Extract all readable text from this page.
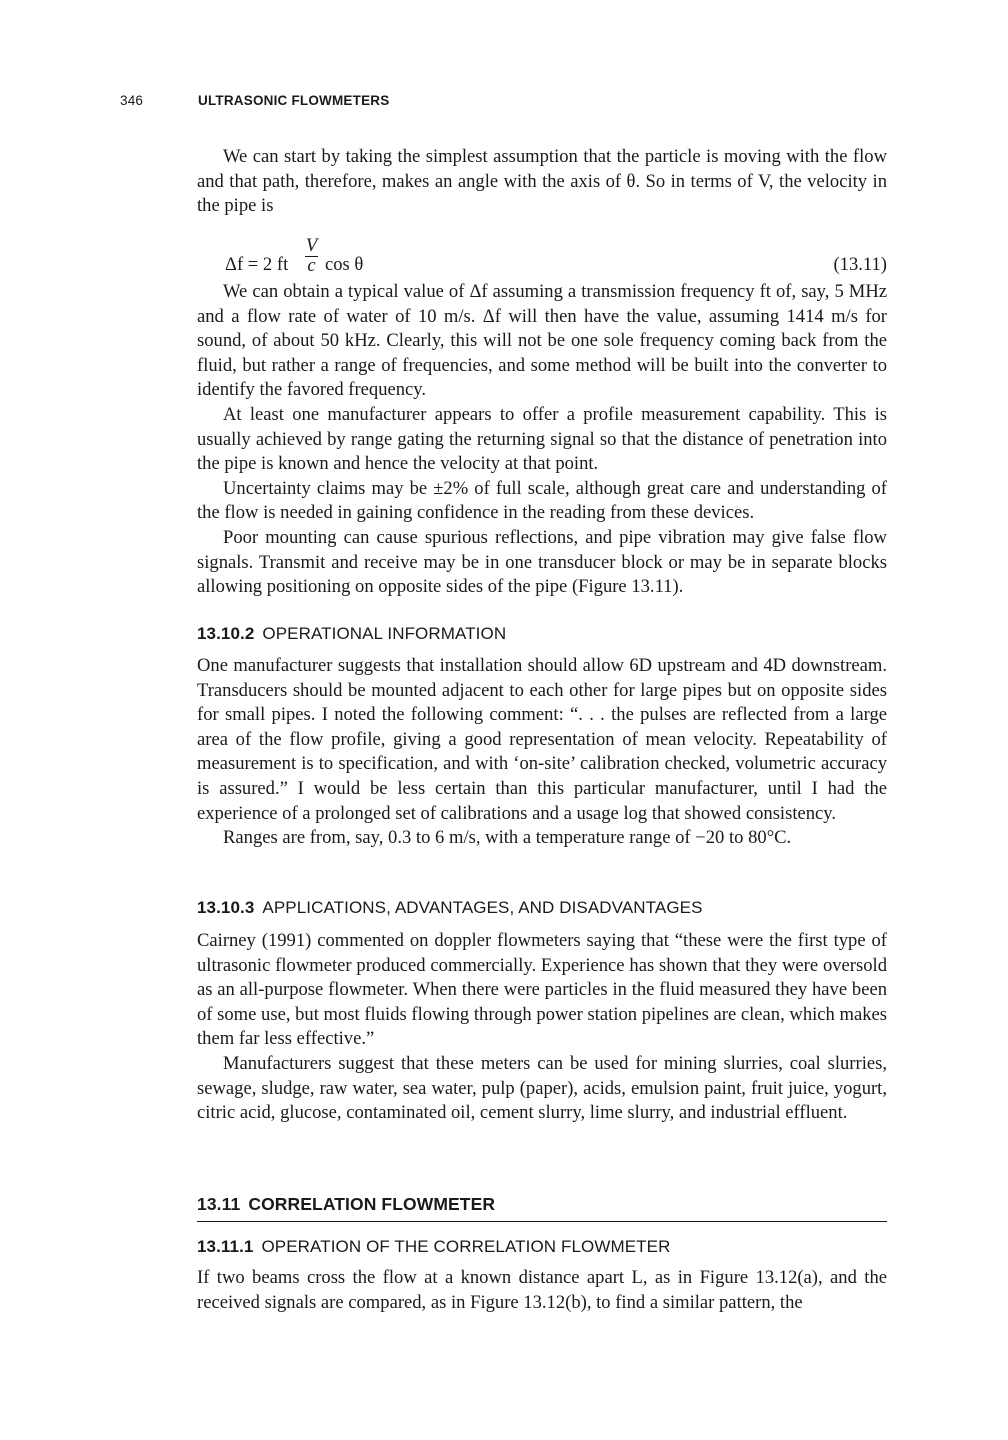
346	ULTRASONIC FLOWMETERS

We can start by taking the simplest assumption that the particle is moving with the flow and that path, therefore, makes an angle with the axis of θ. So in terms of V, the velocity in the pipe is

Δf = 2 ft
V
c cos θ	(13.11)

We can obtain a typical value of Δf assuming a transmission frequency ft of, say, 5 MHz and a flow rate of water of 10 m/s. Δf will then have the value, assuming 1414 m/s for sound, of about 50 kHz. Clearly, this will not be one sole frequency coming back from the fluid, but rather a range of frequencies, and some method will be built into the converter to identify the favored frequency.

At least one manufacturer appears to offer a profile measurement capability. This is usually achieved by range gating the returning signal so that the distance of penetration into the pipe is known and hence the velocity at that point.

Uncertainty claims may be ±2% of full scale, although great care and understanding of the flow is needed in gaining confidence in the reading from these devices.

Poor mounting can cause spurious reflections, and pipe vibration may give false flow signals. Transmit and receive may be in one transducer block or may be in separate blocks allowing positioning on opposite sides of the pipe (Figure 13.11).

13.10.2 OPERATIONAL INFORMATION

One manufacturer suggests that installation should allow 6D upstream and 4D downstream. Transducers should be mounted adjacent to each other for large pipes but on opposite sides for small pipes. I noted the following comment: “. . . the pulses are reflected from a large area of the flow profile, giving a good representation of mean velocity. Repeatability of measurement is to specification, and with ‘on-site’ calibration checked, volumetric accuracy is assured.” I would be less certain than this particular manufacturer, until I had the experience of a prolonged set of calibrations and a usage log that showed consistency.

Ranges are from, say, 0.3 to 6 m/s, with a temperature range of −20 to 80°C.

13.10.3 APPLICATIONS, ADVANTAGES, AND DISADVANTAGES

Cairney (1991) commented on doppler flowmeters saying that “these were the first type of ultrasonic flowmeter produced commercially. Experience has shown that they were oversold as an all-purpose flowmeter. When there were particles in the fluid measured they have been of some use, but most fluids flowing through power station pipelines are clean, which makes them far less effective.”

Manufacturers suggest that these meters can be used for mining slurries, coal slurries, sewage, sludge, raw water, sea water, pulp (paper), acids, emulsion paint, fruit juice, yogurt, citric acid, glucose, contaminated oil, cement slurry, lime slurry, and industrial effluent.

13.11 CORRELATION FLOWMETER
13.11.1 OPERATION OF THE CORRELATION FLOWMETER

If two beams cross the flow at a known distance apart L, as in Figure 13.12(a), and the received signals are compared, as in Figure 13.12(b), to find a similar pattern, the
